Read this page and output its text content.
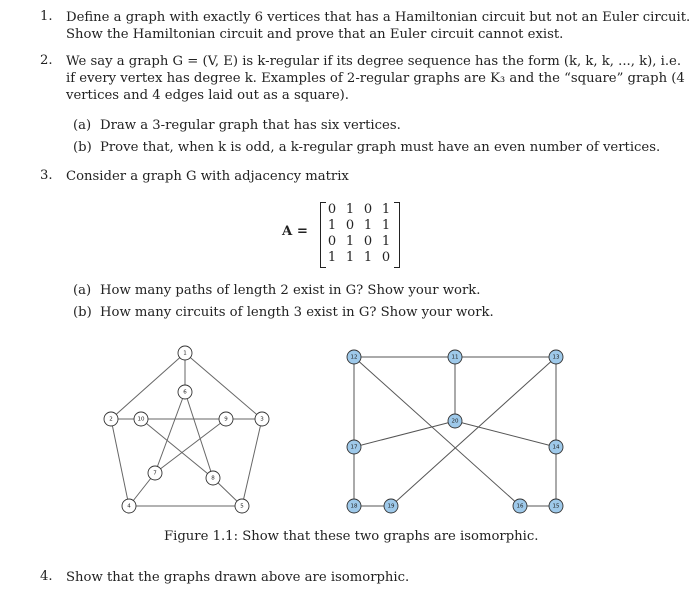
1. Define a graph with exactly 6 vertices that has a Hamiltonian circuit but not an Euler circuit.
Show the Hamiltonian circuit and prove that an Euler circuit cannot exist.
2. We say a graph G = (V, E) is k-regular if its degree sequence has the form (k, k, k, ..., k), i.e.
if every vertex has degree k. Examples of 2-regular graphs are K₃ and the “square” graph (4
vertices and 4 edges laid out as a square).
(a) Draw a 3-regular graph that has six vertices.
(b) Prove that, when k is odd, a k-regular graph must have an even number of vertices.
3. Consider a graph G with adjacency matrix
A =
0 1 0 1
1 0 1 1
0 1 0 1
1 1 1 0
(a) How many paths of length 2 exist in G? Show your work.
(b) How many circuits of length 3 exist in G? Show your work.
1
2	3
4	5
6
7
8
9
10
12	11	13
20
17	14
18	19	16	15
Figure 1.1: Show that these two graphs are isomorphic.
4. Show that the graphs drawn above are isomorphic.
